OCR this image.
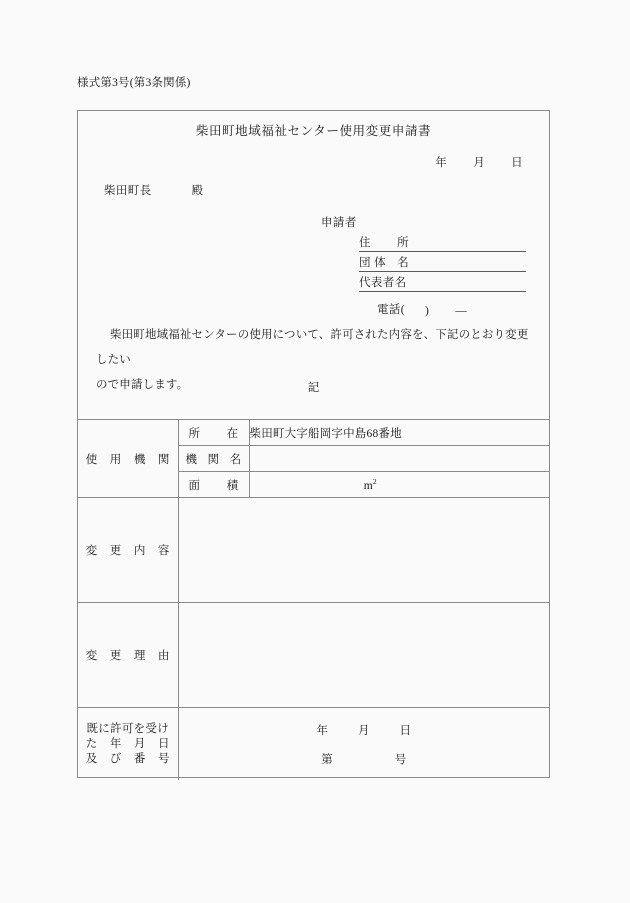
様式第3号(第3条関係)
柴田町地域福祉センター使用変更申請書
年 月 日
柴田町長	殿
申請者
住 所
団 体 名
代表者名
電話( ) ―
柴田町地域福祉センターの使用について、許可された内容を、下記のとおり変更したい
ので申請します。	記
使 用 機 関	所 在	柴田町大字船岡字中島68番地

	機 関 名	

	面 積	$m^2$

変 更 内 容		

変 更 理 由		

既に許可を受け
た 年 月 日
及 び 番 号

年	月	日
第	号
